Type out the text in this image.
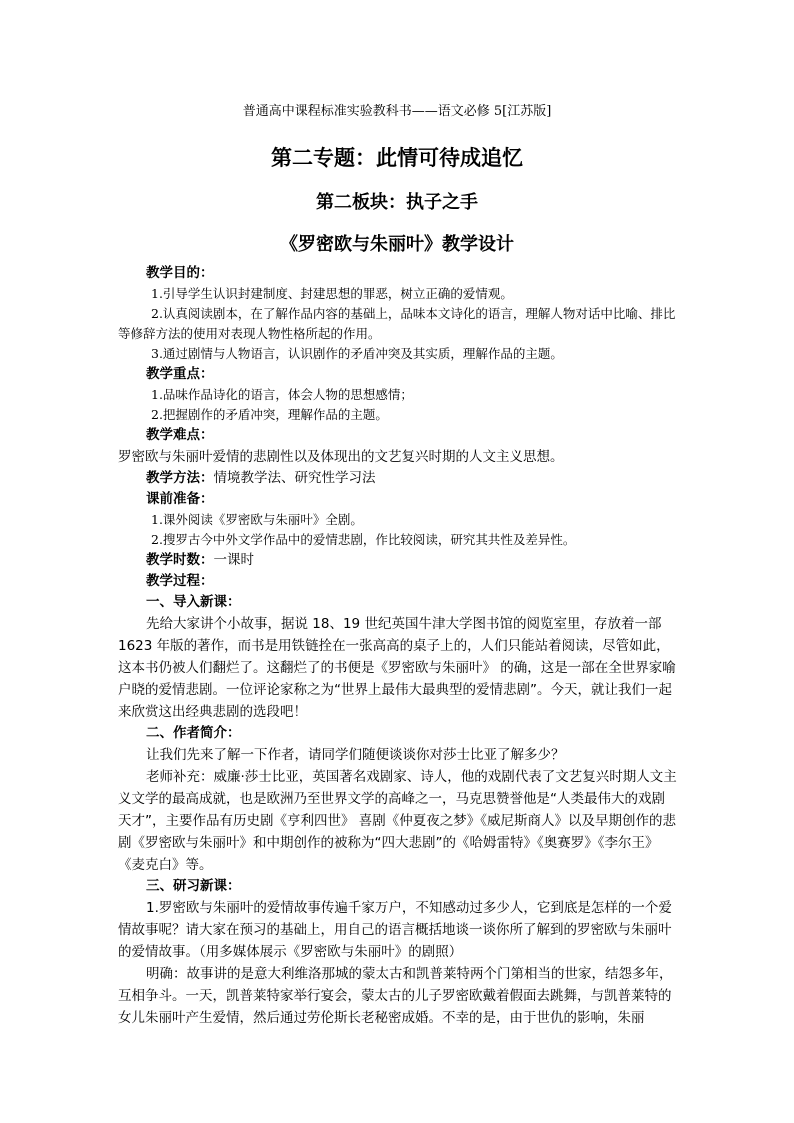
普通高中课程标准实验教科书——语文必修 5[江苏版]
第二专题：此情可待成追忆
第二板块：执子之手
《罗密欧与朱丽叶》教学设计

教学目的：

1.引导学生认识封建制度、封建思想的罪恶，树立正确的爱情观。

2.认真阅读剧本，在了解作品内容的基础上，品味本文诗化的语言，理解人物对话中比喻、排比等修辞方法的使用对表现人物性格所起的作用。

3.通过剧情与人物语言，认识剧作的矛盾冲突及其实质，理解作品的主题。

教学重点：

1.品味作品诗化的语言，体会人物的思想感情；

2.把握剧作的矛盾冲突，理解作品的主题。

教学难点：

罗密欧与朱丽叶爱情的悲剧性以及体现出的文艺复兴时期的人文主义思想。

教学方法：情境教学法、研究性学习法

课前准备：

1.课外阅读《罗密欧与朱丽叶》全剧。

2.搜罗古今中外文学作品中的爱情悲剧，作比较阅读，研究其共性及差异性。

教学时数：一课时

教学过程：

一、导入新课：

先给大家讲个小故事，据说 18、19 世纪英国牛津大学图书馆的阅览室里，存放着一部 1623 年版的著作，而书是用铁链拴在一张高高的桌子上的，人们只能站着阅读，尽管如此，这本书仍被人们翻烂了。这翻烂了的书便是《罗密欧与朱丽叶》 的确，这是一部在全世界家喻户晓的爱情悲剧。一位评论家称之为“世界上最伟大最典型的爱情悲剧”。今天，就让我们一起来欣赏这出经典悲剧的选段吧！

二、作者简介：

让我们先来了解一下作者，请同学们随便谈谈你对莎士比亚了解多少？

老师补充：威廉·莎士比亚，英国著名戏剧家、诗人，他的戏剧代表了文艺复兴时期人文主义文学的最高成就，也是欧洲乃至世界文学的高峰之一，马克思赞誉他是“人类最伟大的戏剧天才”，主要作品有历史剧《亨利四世》 喜剧《仲夏夜之梦》《威尼斯商人》以及早期创作的悲剧《罗密欧与朱丽叶》和中期创作的被称为“四大悲剧”的《哈姆雷特》《奥赛罗》《李尔王》《麦克白》等。

三、研习新课：

1.罗密欧与朱丽叶的爱情故事传遍千家万户，不知感动过多少人，它到底是怎样的一个爱情故事呢？请大家在预习的基础上，用自己的语言概括地谈一谈你所了解到的罗密欧与朱丽叶的爱情故事。（用多媒体展示《罗密欧与朱丽叶》的剧照）

明确：故事讲的是意大利维洛那城的蒙太古和凯普莱特两个门第相当的世家，结怨多年，互相争斗。一天，凯普莱特家举行宴会，蒙太古的儿子罗密欧戴着假面去跳舞，与凯普莱特的女儿朱丽叶产生爱情，然后通过劳伦斯长老秘密成婚。不幸的是，由于世仇的影响，朱丽
